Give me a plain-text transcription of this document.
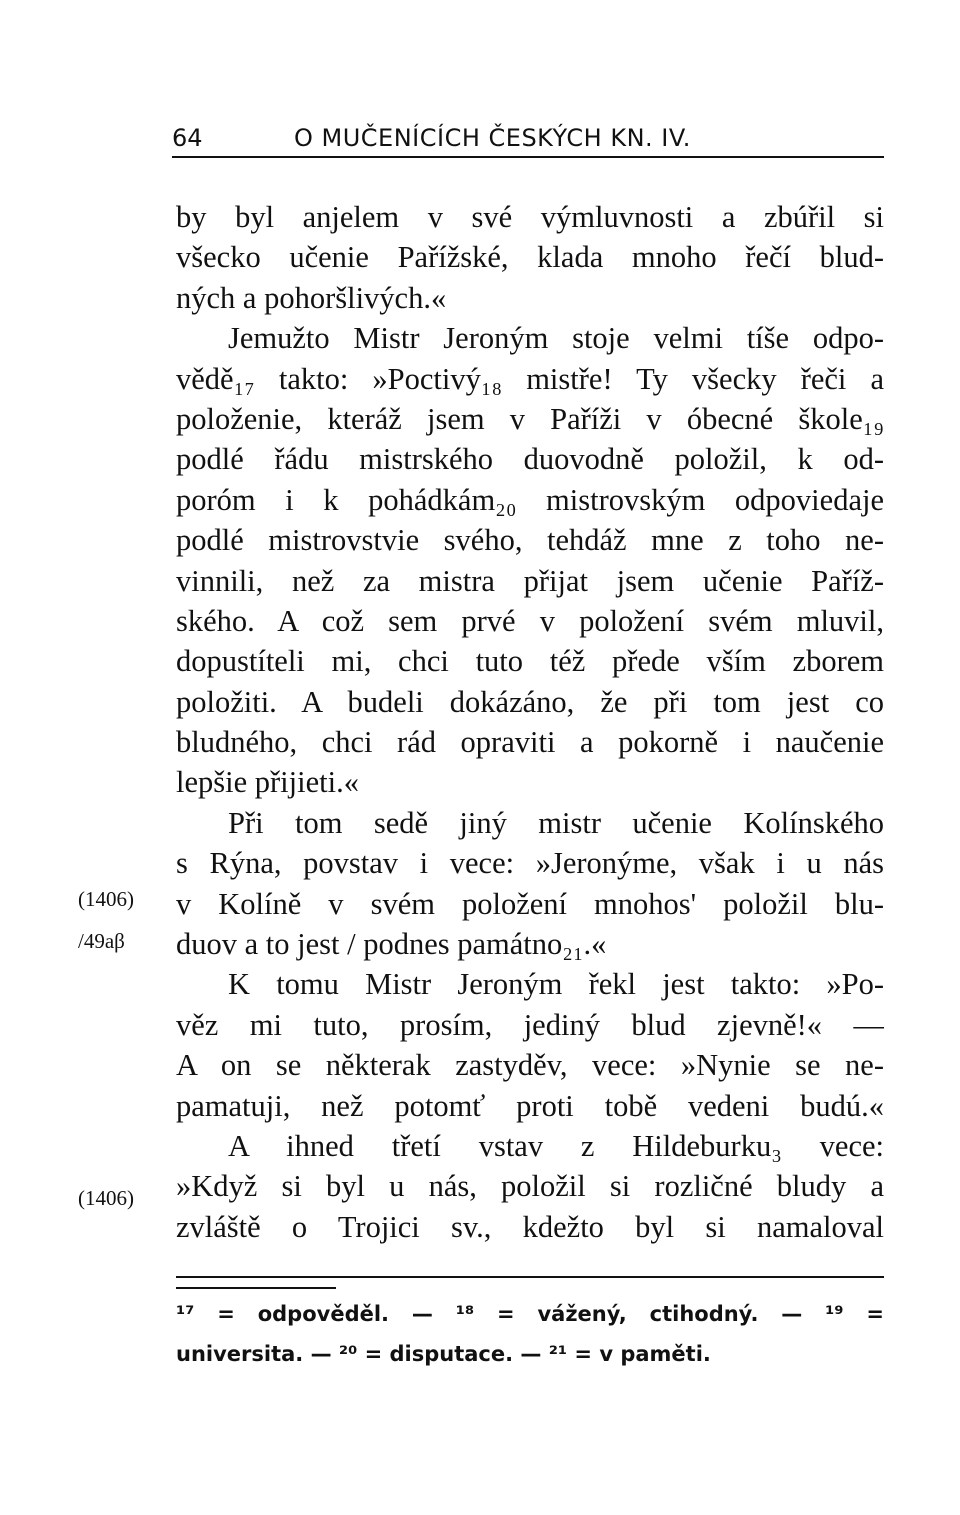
64	O MUČENÍCÍCH ČESKÝCH KN. IV.
by byl anjelem v své výmluvnosti a zbúřil si
všecko učenie Pařížské, klada mnoho řečí blud-
ných a pohoršlivých.«
Jemužto Mistr Jeroným stoje velmi tíše odpo-
vědě₁₇ takto: »Poctivý₁₈ mistře! Ty všecky řeči a
položenie, kteráž jsem v Paříži v óbecné škole₁₉
podlé řádu mistrského duovodně položil, k od-
poróm i k pohádkám₂₀ mistrovským odpoviedaje
podlé mistrovstvie svého, tehdáž mne z toho ne-
vinnili, než za mistra přijat jsem učenie Paříž-
ského. A což sem prvé v položení svém mluvil,
dopustíteli mi, chci tuto též přede vším zborem
položiti. A budeli dokázáno, že při tom jest co
bludného, chci rád opraviti a pokorně i naučenie
lepšie přijieti.«
Při tom sedě jiný mistr učenie Kolínského
s Rýna, povstav i vece: »Jeronýme, však i u nás
v Kolíně v svém položení mnohos' položil blu-
duov a to jest / podnes památno₂₁.«
K tomu Mistr Jeroným řekl jest takto: »Po-
věz mi tuto, prosím, jediný blud zjevně!« —
A on se některak zastyděv, vece: »Nynie se ne-
pamatuji, než potomť proti tobě vedeni budú.«
A ihned třetí vstav z Hildeburku₃ vece:
»Když si byl u nás, položil si rozličné bludy a
zvláště o Trojici sv., kdežto byl si namaloval
(1406)
/49aβ
(1406)
¹⁷ = odpověděl. — ¹⁸ = vážený, ctihodný. — ¹⁹ =
universita. — ²⁰ = disputace. — ²¹ = v paměti.
